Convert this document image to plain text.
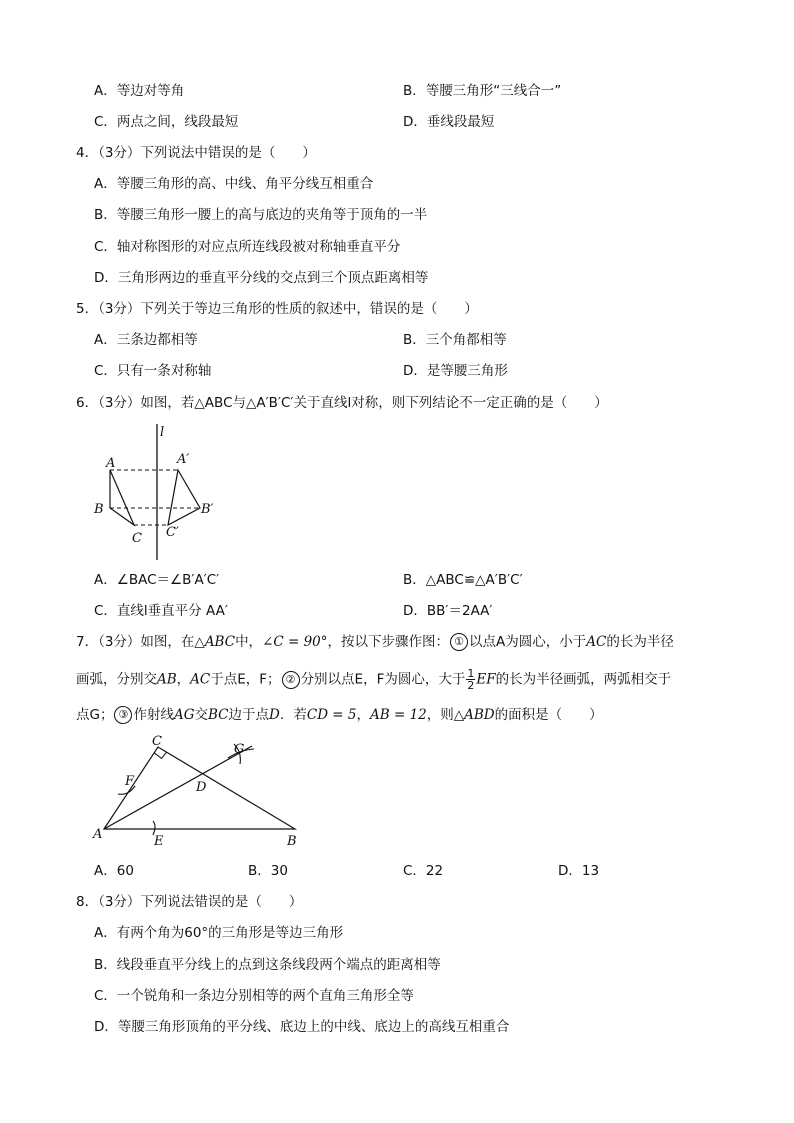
A．等边对等角	B．等腰三角形“三线合一”
C．两点之间，线段最短	D．垂线段最短
4．（3分）下列说法中错误的是（　　）
A．等腰三角形的高、中线、角平分线互相重合
B．等腰三角形一腰上的高与底边的夹角等于顶角的一半
C．轴对称图形的对应点所连线段被对称轴垂直平分
D．三角形两边的垂直平分线的交点到三个顶点距离相等
5．（3分）下列关于等边三角形的性质的叙述中，错误的是（　　）
A．三条边都相等	B．三个角都相等
C．只有一条对称轴	D．是等腰三角形
6．（3分）如图，若△ABC与△A′B′C′关于直线l对称，则下列结论不一定正确的是（　　）
l
A	A′
B	B′
C C′
A．∠BAC＝∠B′A′C′	B．△ABC≌△A′B′C′
C．直线l垂直平分 AA′	D．BB′＝2AA′
7．（3分）如图，在△ABC中，∠C = 90°，按以下步骤作图： ① 以点A为圆心，小于AC的长为半径
画弧，分别交AB，AC于点E，F； ② 分别以点E，F为圆心，大于 $\frac{1}{2}$ EF的长为半径画弧，两弧相交于
点G； ③ 作射线AG交BC边于点D．若CD = 5，AB = 12，则△ABD的面积是（　　）
C
F	D
G
A	E	B
A．60	B．30	C．22	D．13
8．（3分）下列说法错误的是（　　）
A．有两个角为60°的三角形是等边三角形
B．线段垂直平分线上的点到这条线段两个端点的距离相等
C．一个锐角和一条边分别相等的两个直角三角形全等
D．等腰三角形顶角的平分线、底边上的中线、底边上的高线互相重合
